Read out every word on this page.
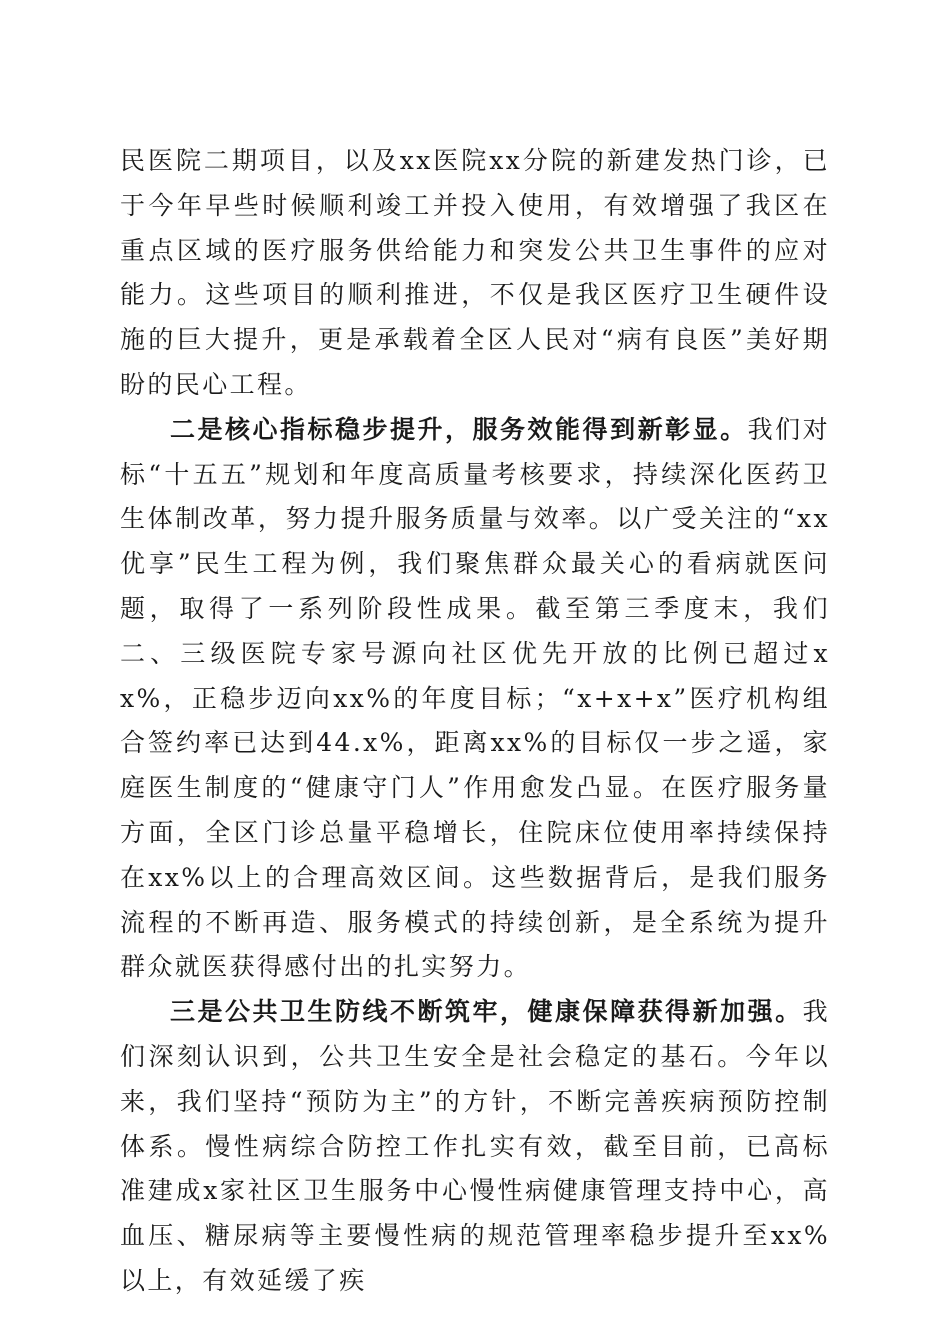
民医院二期项目，以及xx医院xx分院的新建发热门诊，已于今年早些时候顺利竣工并投入使用，有效增强了我区在重点区域的医疗服务供给能力和突发公共卫生事件的应对能力。这些项目的顺利推进，不仅是我区医疗卫生硬件设施的巨大提升，更是承载着全区人民对“病有良医”美好期盼的民心工程。

二是核心指标稳步提升，服务效能得到新彰显。我们对标“十五五”规划和年度高质量考核要求，持续深化医药卫生体制改革，努力提升服务质量与效率。以广受关注的“xx优享”民生工程为例，我们聚焦群众最关心的看病就医问题，取得了一系列阶段性成果。截至第三季度末，我们二、三级医院专家号源向社区优先开放的比例已超过xx%，正稳步迈向xx%的年度目标；“x+x+x”医疗机构组合签约率已达到44.x%，距离xx%的目标仅一步之遥，家庭医生制度的“健康守门人”作用愈发凸显。在医疗服务量方面，全区门诊总量平稳增长，住院床位使用率持续保持在xx%以上的合理高效区间。这些数据背后，是我们服务流程的不断再造、服务模式的持续创新，是全系统为提升群众就医获得感付出的扎实努力。

三是公共卫生防线不断筑牢，健康保障获得新加强。我们深刻认识到，公共卫生安全是社会稳定的基石。今年以来，我们坚持“预防为主”的方针，不断完善疾病预防控制体系。慢性病综合防控工作扎实有效，截至目前，已高标准建成x家社区卫生服务中心慢性病健康管理支持中心，高血压、糖尿病等主要慢性病的规范管理率稳步提升至xx%以上，有效延缓了疾
